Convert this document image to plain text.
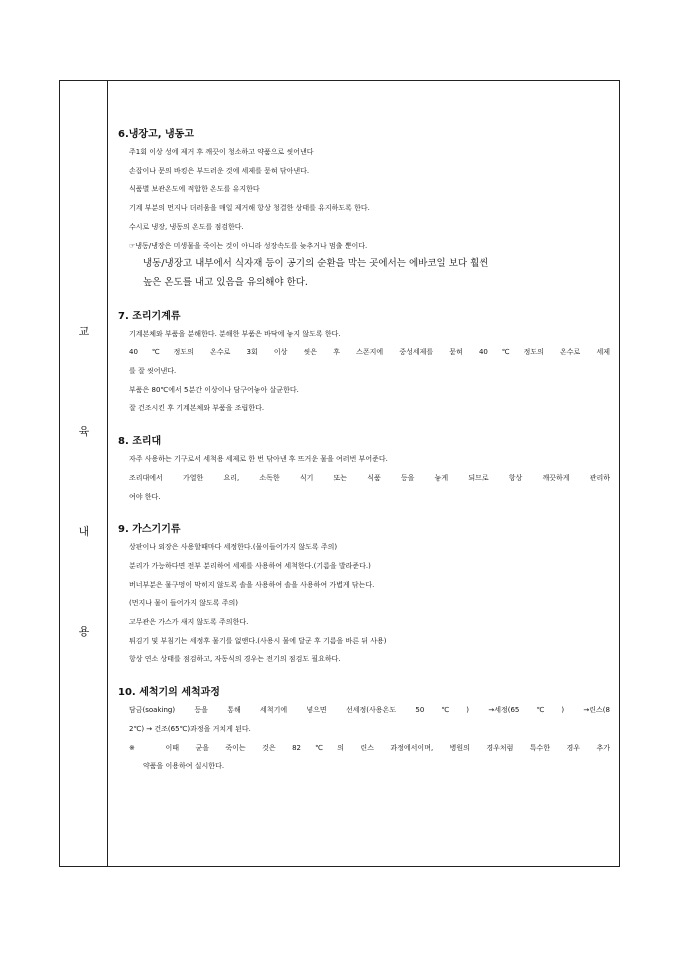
교
육
내
용
6.냉장고, 냉동고
주1회 이상 성에 제거 후 깨끗이 청소하고 약품으로 씻어낸다
손잡이나 문의 바킹은 부드러운 것에 세제를 묻혀 닦아낸다.
식품별 보관온도에 적합한 온도를 유지한다
기계 부분의 먼지나 더러움을 매일 제거해 항상 청결한 상태를 유지하도록 한다.
수시로 냉장, 냉동의 온도를 점검한다.
☞냉동/냉장은 미생물을 죽이는 것이 아니라 성장속도를 늦추거나 멈출 뿐이다.
냉동/냉장고 내부에서 식자재 등이 공기의 순환을 막는 곳에서는 에바코일 보다 훨씬
높은 온도를 내고 있음을 유의해야 한다.
7. 조리기계류
기계본체와 부품을 분해한다. 분해한 부품은 바닥에 놓지 않도록 한다.
40℃정도의 온수로 3회 이상 씻은 후 스폰지에 중성세제를 묻혀 40℃정도의 온수로 세제
를 잘 씻어낸다.
부품은 80℃에서 5분간 이상이나 담구어놓아 살균한다.
잘 건조시킨 후 기계본체와 부품을 조립한다.
8. 조리대
자주 사용하는 기구로서 세척용 세제로 한 번 닦아낸 후 뜨거운 물을 여러번 부어준다.
조리대에서 가열한 요리, 소독한 식기 또는 식품 등을 놓게 되므로 항상 깨끗하게 관리하
여야 한다.
9. 가스기기류
상판이나 외장은 사용할때마다 세정한다.(물이들어가지 않도록 주의)
분리가 가능하다면 전부 분리하여 세제를 사용하여 세척한다.(기름을 발라준다.)
버너부분은 물구멍이 막히지 않도록 솔을 사용하여 솔을 사용하여 가볍게 닦는다.
(먼지나 물이 들어가지 않도록 주의)
고무관은 가스가 새지 않도록 주의한다.
튀김기 및 부침기는 세정후 물기를 없앤다.(사용시 물에 달군 후 기름을 바른 뒤 사용)
항상 연소 상태를 점검하고, 자동식의 경우는 전기의 점검도 필요하다.
10. 세척기의 세척과정
담금(soaking) 등을 통해 세척기에 넣으면 선세정(사용온도 50℃) →세정(65℃) →린스(8
2℃) → 건조(65℃)과정을 거치게 된다.
※ 이때 균을 죽이는 것은 82℃의 린스 과정에서이며, 병원의 경우처럼 특수한 경우 추가
약품을 이용하여 실시한다.
